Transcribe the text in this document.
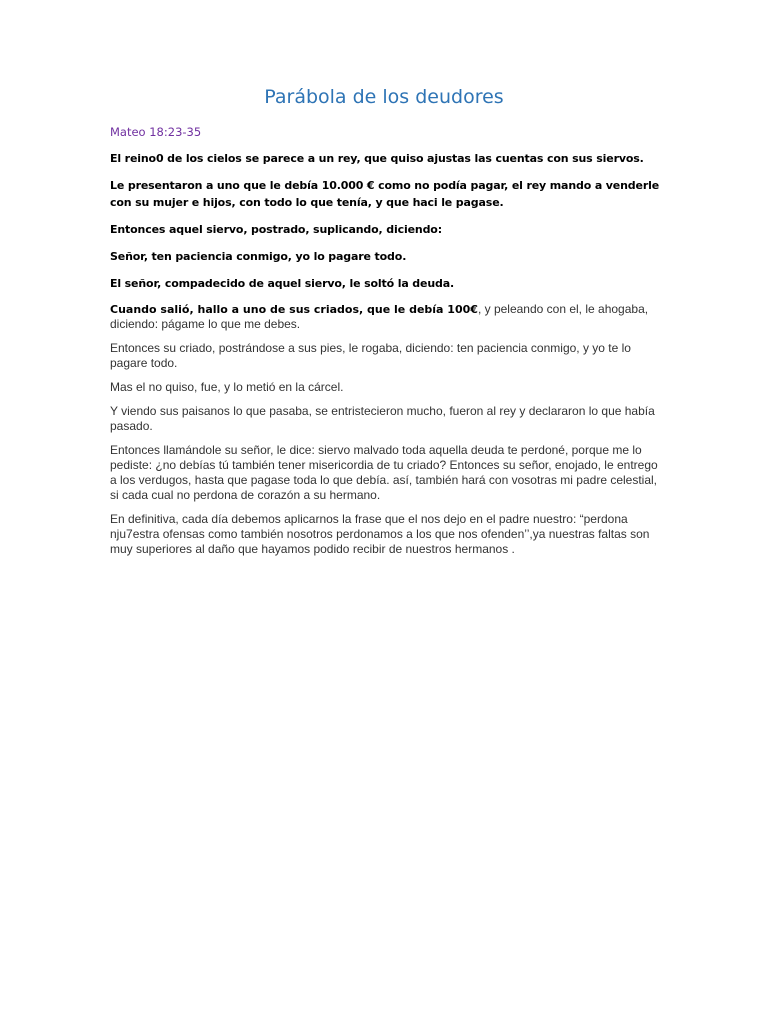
Parábola de los deudores
Mateo 18:23-35

El reino0 de los cielos se parece a un rey, que quiso ajustas las cuentas con sus siervos.

Le presentaron a uno que le debía 10.000 € como no podía pagar, el rey mando a venderle con su mujer e hijos, con todo lo que tenía, y que haci le pagase.

Entonces aquel siervo, postrado, suplicando, diciendo:

Señor, ten paciencia conmigo, yo lo pagare todo.

El señor, compadecido de aquel siervo, le soltó la deuda.

Cuando salió, hallo a uno de sus criados, que le debía 100€, y peleando con el, le ahogaba, diciendo: págame lo que me debes.

Entonces su criado, postrándose a sus pies, le rogaba, diciendo: ten paciencia conmigo, y yo te lo pagare todo.

Mas el no quiso, fue, y lo metió en la cárcel.

Y viendo sus paisanos lo que pasaba, se entristecieron mucho, fueron al rey y declararon lo que había pasado.

Entonces llamándole su señor, le dice: siervo malvado toda aquella deuda te perdoné, porque me lo pediste: ¿no debías tú también tener misericordia de tu criado? Entonces su señor, enojado, le entrego a los verdugos, hasta que pagase toda lo que debía. así, también hará con vosotras mi padre celestial, si cada cual no perdona de corazón a su hermano.

En definitiva, cada día debemos aplicarnos la frase que el nos dejo en el padre nuestro: “perdona nju7estra ofensas como también nosotros perdonamos a los que nos ofenden’’,ya nuestras faltas son muy superiores al daño que hayamos podido recibir de nuestros hermanos .
